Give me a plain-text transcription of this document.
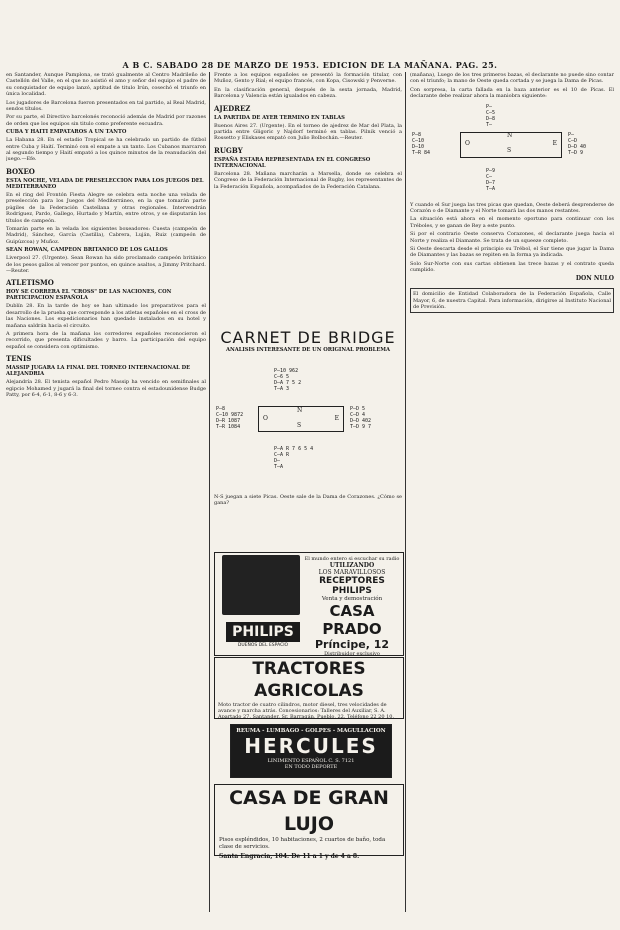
A B C. SABADO 28 DE MARZO DE 1953. EDICION DE LA MAÑANA. PAG. 25.

en Santander, Aunque Pamplona, se trató gualmente al Centro Madrileño de Castellón del Valle, en el que no asistió el amo y señor del equipo el padre de su conquistador de equipo lanzó, aptitud de titulo Irún, cosechó el triunfo en única localidad.

Los jugadores de Barcelona fueron presentados en tal partido, al Real Madrid, sendos títulos.

Por su parte, el Directivo barcelonés reconoció además de Madrid por razones de orden que los equipos sin titulo como preferente escuadra.

CUBA Y HAITI EMPATAROS A UN TANTO

La Habana 28. En el estadio Tropical se ha celebrado un partido de fútbol entre Cuba y Haití. Terminó con el empate a un tanto. Los Cubanos marcaron al segundo tiempo y Haití empató a los quince minutos de la reanudación del juego.—Efe.

BOXEO
ESTA NOCHE, VELADA DE PRESELECCION PARA LOS JUEGOS DEL MEDITERRANEO

En el ring del Frontón Fiesta Alegre se celebra esta noche una velada de preselección para los Juegos del Mediterráneo, en la que tomarán parte púgiles de la Federación Castellana y otras regionales. Intervendrán Rodríguez, Pardo, Gallego, Hurtado y Martín, entre otros, y se disputarán los títulos de campeón.

Tomarán parte en la velada los siguientes boxeadores: Cuesta (campeón de Madrid), Sánchez, García (Castilla), Cabrera, Luján, Ruiz (campeón de Guipúzcoa) y Muñoz.

SEAN ROWAN, CAMPEON BRITANICO DE LOS GALLOS

Liverpool 27. (Urgente). Sean Rowan ha sido proclamado campeón británico de los pesos gallos al vencer por puntos, en quince asaltos, a Jimmy Pritchard.—Reuter.

ATLETISMO
HOY SE CORRERA EL "CROSS" DE LAS NACIONES, CON PARTICIPACION ESPAÑOLA

Dublín 28. En la tarde de hoy se han ultimado los preparativos para el desarrollo de la prueba que corresponde a los atletas españoles en el cross de las Naciones. Los expedicionarios han quedado instalados en su hotel y mañana saldrán hacia el circuito.

A primera hora de la mañana los corredores españoles reconocieron el recorrido, que presenta dificultades y barro. La participación del equipo español se considera con optimismo.

TENIS
MASSIP JUGARA LA FINAL DEL TORNEO INTERNACIONAL DE ALEJANDRIA

Alejandría 28. El tenista español Pedro Massip ha vencido en semifinales al egipcio Mohamed y jugará la final del torneo contra el estadounidense Budge Patty, por 6-4, 6-1, 8-6 y 6-3.

Frente a los equipos españoles se presentó la formación titular, con Muñoz, Gento y Rial; el equipo francés, con Kopa, Cisowski y Penverne.

En la clasificación general, después de la sexta jornada, Madrid, Barcelona y Valencia están igualados en cabeza.

AJEDREZ
LA PARTIDA DE AYER TERMINO EN TABLAS

Buenos Aires 27. (Urgente). En el torneo de ajedrez de Mar del Plata, la partida entre Gligoric y Najdorf terminó en tablas. Pilnik venció a Rossetto y Eliskases empató con Julio Bolbochán.—Reuter.

RUGBY
ESPAÑA ESTARA REPRESENTADA EN EL CONGRESO INTERNACIONAL

Barcelona 28. Mañana marcharán a Marsella, donde se celebra el Congreso de la Federación Internacional de Rugby, los representantes de la Federación Española, acompañados de la Federación Catalana.

CARNET DE BRIDGE
ANALISIS INTERESANTE DE UN ORIGINAL PROBLEMA
P—10 962
C—6 5
D—A 7 5 2
T—A 3
P—8
C—10 9872
D—R 1087
T—R 1084
N
O	E
S
P—D 5
C—D 4
D—D 402
T—D 9 7
P—A R 7 6 5 4
C—A R
D—
T—A
N-S juegan a siete Picas. Oeste sale de la Dama de Corazones. ¿Cómo se gana?
PHILIPS
DUEÑOS DEL ESPACIO
El mundo entero si escuchar su radio
UTILIZANDO
LOS MARAVILLOSOS
RECEPTORES PHILIPS
Venta y demostración
CASA PRADO
Príncipe, 12
Distribuidor exclusivo
TRACTORES AGRICOLAS
Moto tractor de cuatro cilindros, motor diesel, tres velocidades de avance y marcha atrás. Concesionarios: Talleres del Auxiliar, S. A. Apartado 27. Santander. Sr. Barragán, Pueblo, 22. Teléfono 22 20 10.
REUMA - LUMBAGO - GOLPES - MAGULLACION
HERCULES
LINIMENTO ESPAÑOL C. S. 7121
EN TODO DEPORTE
CASA DE GRAN LUJO
Pisos espléndidos, 10 habitaciones, 2 cuartos de baño, toda clase de servicios.
Santa Engracia, 104. De 11 a 1 y de 4 a 8.

(mañana), Luego de los tres primeros bazas, el declarante no puede sino contar con el triunfo; la mano de Oeste queda cortada y se juega la Dama de Picas.

Con sorpresa, la carta fallada en la baza anterior es el 10 de Picas. El declarante debe realizar ahora la maniobra siguiente:

P—
C—5
D—8
T—
P—8
C—10
D—10
T—R 84
N
O	E
S
P—
C—D
D—D 40
T—D 9
P—9
C—
D—7
T—A

Y cuando el Sur juega las tres picas que quedan, Oeste deberá desprenderse de Corazón o de Diamante y el Norte tomará las dos manos restantes.

La situación está ahora en el momento oportuno para continuar con los Tréboles, y se ganan de Rey a este punto.

Si por el contrario Oeste conserva Corazones, el declarante juega hacia el Norte y realiza el Diamante. Se trata de un squeeze completo.

Si Oeste descarta desde el principio su Trébol, el Sur tiene que jugar la Dama de Diamantes y las bazas se repiten en la forma ya indicada.

Solo Sur-Norte con sus cartas obtienen las trece bazas y el contrato queda cumplido.

DON NULO

El domicilio de Entidad Colaboradora de la Federación Española, Calle Mayor, 6, de nuestra Capital. Para información, dirigirse al Instituto Nacional de Previsión.
